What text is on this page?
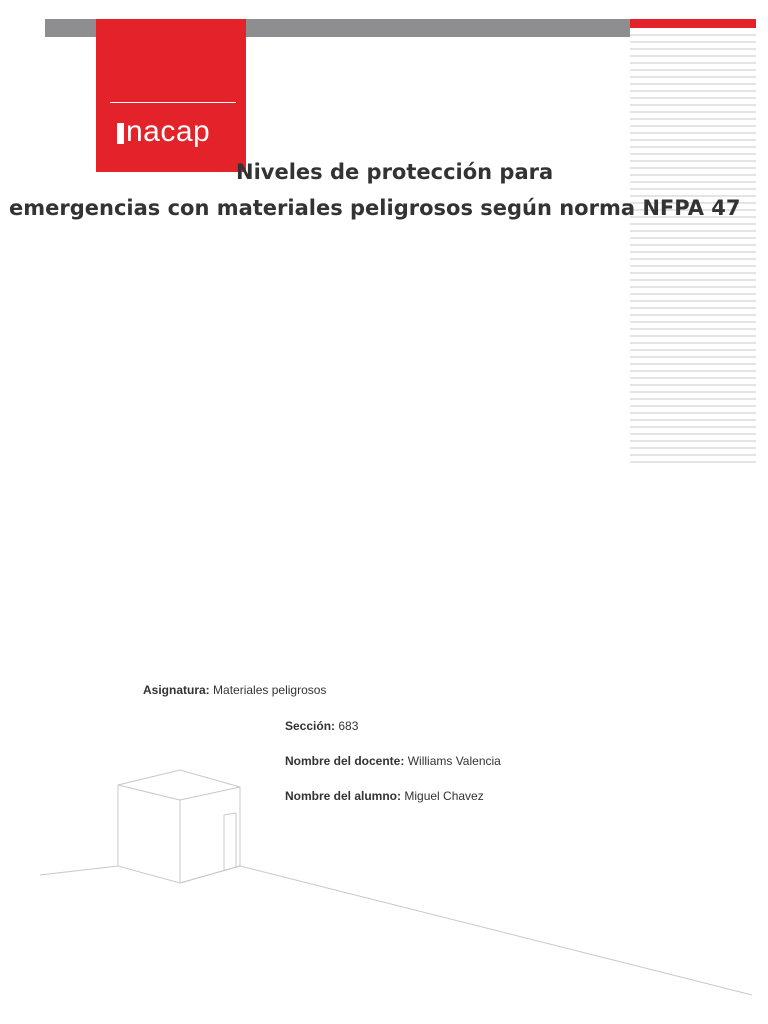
nacap
Niveles de protección para
emergencias con materiales peligrosos según norma NFPA 47
Asignatura: Materiales peligrosos
Sección: 683
Nombre del docente: Williams Valencia
Nombre del alumno: Miguel Chavez
